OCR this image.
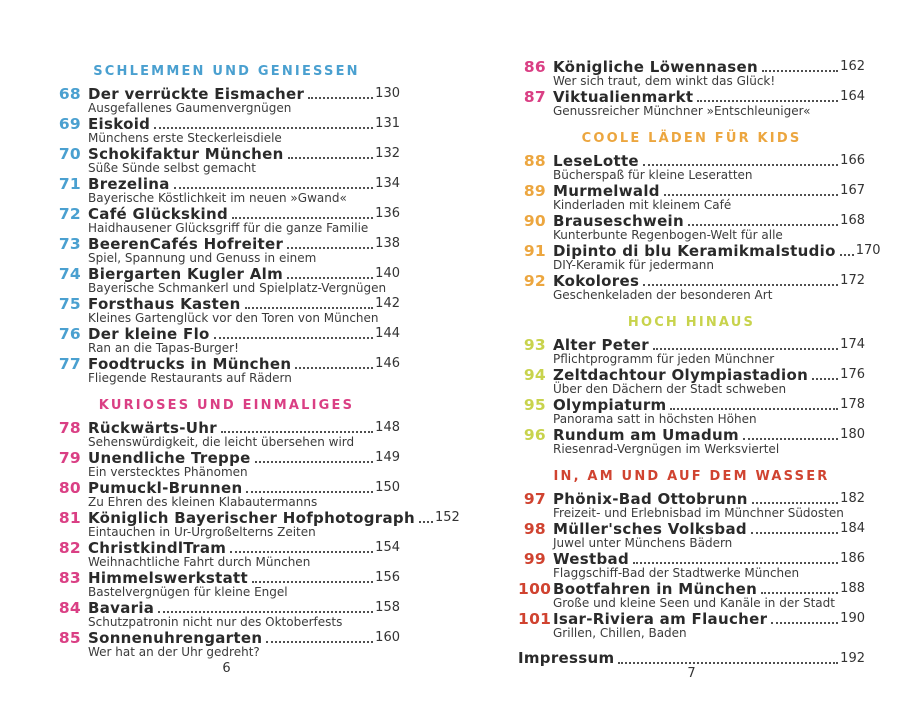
SCHLEMMEN UND GENIESSEN
68 Der verrückte Eismacher	130
Ausgefallenes Gaumenvergnügen
69 Eiskoid	131
Münchens erste Steckerleisdiele
70 Schokifaktur München	132
Süße Sünde selbst gemacht
71 Brezelina	134
Bayerische Köstlichkeit im neuen »Gwand«
72 Café Glückskind	136
Haidhausener Glücksgriff für die ganze Familie
73 BeerenCafés Hofreiter	138
Spiel, Spannung und Genuss in einem
74 Biergarten Kugler Alm	140
Bayerische Schmankerl und Spielplatz-Vergnügen
75 Forsthaus Kasten	142
Kleines Gartenglück vor den Toren von München
76 Der kleine Flo	144
Ran an die Tapas-Burger!
77 Foodtrucks in München	146
Fliegende Restaurants auf Rädern
KURIOSES UND EINMALIGES
78 Rückwärts-Uhr	148
Sehenswürdigkeit, die leicht übersehen wird
79 Unendliche Treppe	149
Ein verstecktes Phänomen
80 Pumuckl-Brunnen	150
Zu Ehren des kleinen Klabautermanns
81 Königlich Bayerischer Hofphotograph 152
Eintauchen in Ur-Urgroßelterns Zeiten
82 ChristkindlTram	154
Weihnachtliche Fahrt durch München
83 Himmelswerkstatt	156
Bastelvergnügen für kleine Engel
84 Bavaria	158
Schutzpatronin nicht nur des Oktoberfests
85 Sonnenuhrengarten	160
Wer hat an der Uhr gedreht?
86 Königliche Löwennasen	162
Wer sich traut, dem winkt das Glück!
87 Viktualienmarkt	164
Genussreicher Münchner »Entschleuniger«
COOLE LÄDEN FÜR KIDS
88 LeseLotte	166
Bücherspaß für kleine Leseratten
89 Murmelwald	167
Kinderladen mit kleinem Café
90 Brauseschwein	168
Kunterbunte Regenbogen-Welt für alle
91 Dipinto di blu Keramikmalstudio 170
DIY-Keramik für jedermann
92 Kokolores	172
Geschenkeladen der besonderen Art
HOCH HINAUS
93 Alter Peter	174
Pflichtprogramm für jeden Münchner
94 Zeltdachtour Olympiastadion 176
Über den Dächern der Stadt schweben
95 Olympiaturm	178
Panorama satt in höchsten Höhen
96 Rundum am Umadum	180
Riesenrad-Vergnügen im Werksviertel
IN, AM UND AUF DEM WASSER
97 Phönix-Bad Ottobrunn	182
Freizeit- und Erlebnisbad im Münchner Südosten
98 Müller'sches Volksbad	184
Juwel unter Münchens Bädern
99 Westbad	186
Flaggschiff-Bad der Stadtwerke München
100 Bootfahren in München	188
Große und kleine Seen und Kanäle in der Stadt
101 Isar-Riviera am Flaucher	190
Grillen, Chillen, Baden
Impressum	192
6	7
